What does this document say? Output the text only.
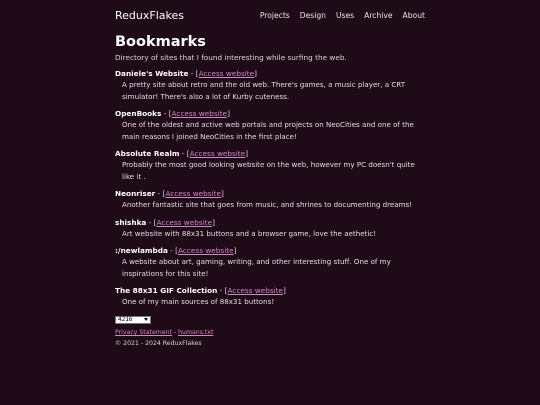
ReduxFlakes	Projects Design Uses Archive About
Bookmarks
Directory of sites that I found interesting while surfing the web.
Daniele's Website - [Access website]
A pretty site about retro and the old web. There's games, a music player, a CRT simulator! There's also a lot of Kurby cuteness.
OpenBooks - [Access website]
One of the oldest and active web portals and projects on NeoCities and one of the main reasons I joined NeoCities in the first place!
Absolute Realm - [Access website]
Probably the most good looking website on the web, however my PC doesn't quite like it .
Neonriser - [Access website]
Another fantastic site that goes from music, and shrines to documenting dreams!
shishka - [Access website]
Art website with 88x31 buttons and a browser game, love the aethetic!
:/newlambda - [Access website]
A website about art, gaming, writing, and other interesting stuff. One of my inspirations for this site!
The 88x31 GIF Collection - [Access website]
One of my main sources of 88x31 buttons!
4216
Privacy Statement - humans.txt
© 2021 - 2024 ReduxFlakes
